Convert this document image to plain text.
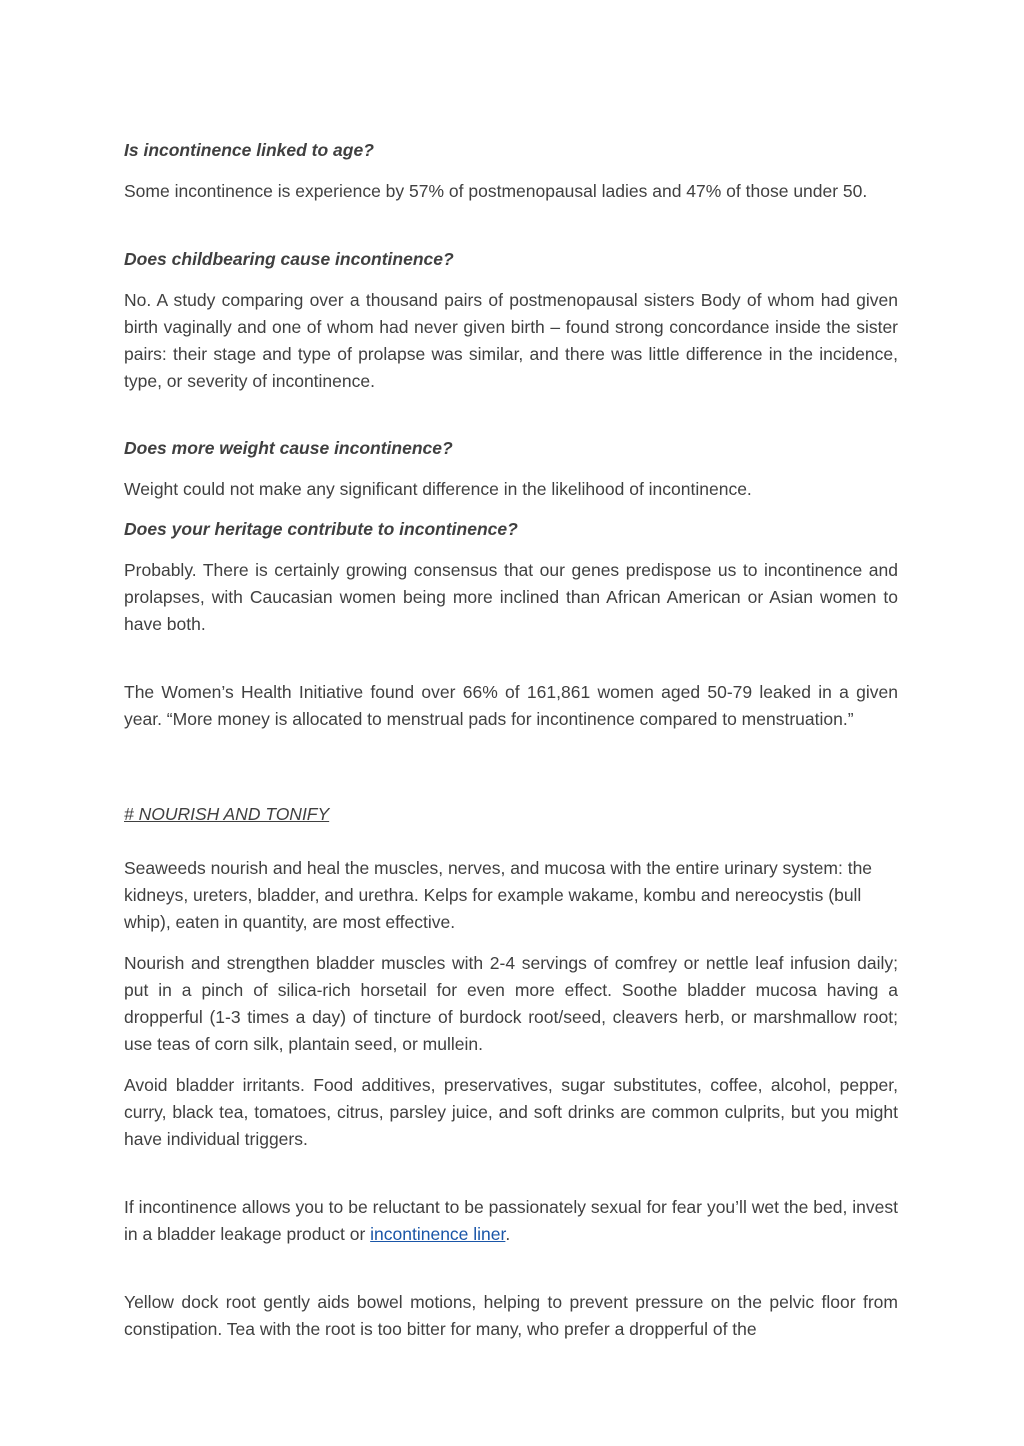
Is incontinence linked to age?

Some incontinence is experience by 57% of postmenopausal ladies and 47% of those under 50.

Does childbearing cause incontinence?

No. A study comparing over a thousand pairs of postmenopausal sisters Body of whom had given birth vaginally and one of whom had never given birth – found strong concordance inside the sister pairs: their stage and type of prolapse was similar, and there was little difference in the incidence, type, or severity of incontinence.

Does more weight cause incontinence?

Weight could not make any significant difference in the likelihood of incontinence.

Does your heritage contribute to incontinence?

Probably. There is certainly growing consensus that our genes predispose us to incontinence and prolapses, with Caucasian women being more inclined than African American or Asian women to have both.

The Women’s Health Initiative found over 66% of 161,861 women aged 50-79 leaked in a given year. “More money is allocated to menstrual pads for incontinence compared to menstruation.”

# NOURISH AND TONIFY

Seaweeds nourish and heal the muscles, nerves, and mucosa with the entire urinary system: the kidneys, ureters, bladder, and urethra. Kelps for example wakame, kombu and nereocystis (bull whip), eaten in quantity, are most effective.

Nourish and strengthen bladder muscles with 2-4 servings of comfrey or nettle leaf infusion daily; put in a pinch of silica-rich horsetail for even more effect. Soothe bladder mucosa having a dropperful (1-3 times a day) of tincture of burdock root/seed, cleavers herb, or marshmallow root; use teas of corn silk, plantain seed, or mullein.

Avoid bladder irritants. Food additives, preservatives, sugar substitutes, coffee, alcohol, pepper, curry, black tea, tomatoes, citrus, parsley juice, and soft drinks are common culprits, but you might have individual triggers.

If incontinence allows you to be reluctant to be passionately sexual for fear you’ll wet the bed, invest in a bladder leakage product or incontinence liner.

Yellow dock root gently aids bowel motions, helping to prevent pressure on the pelvic floor from constipation. Tea with the root is too bitter for many, who prefer a dropperful of the
